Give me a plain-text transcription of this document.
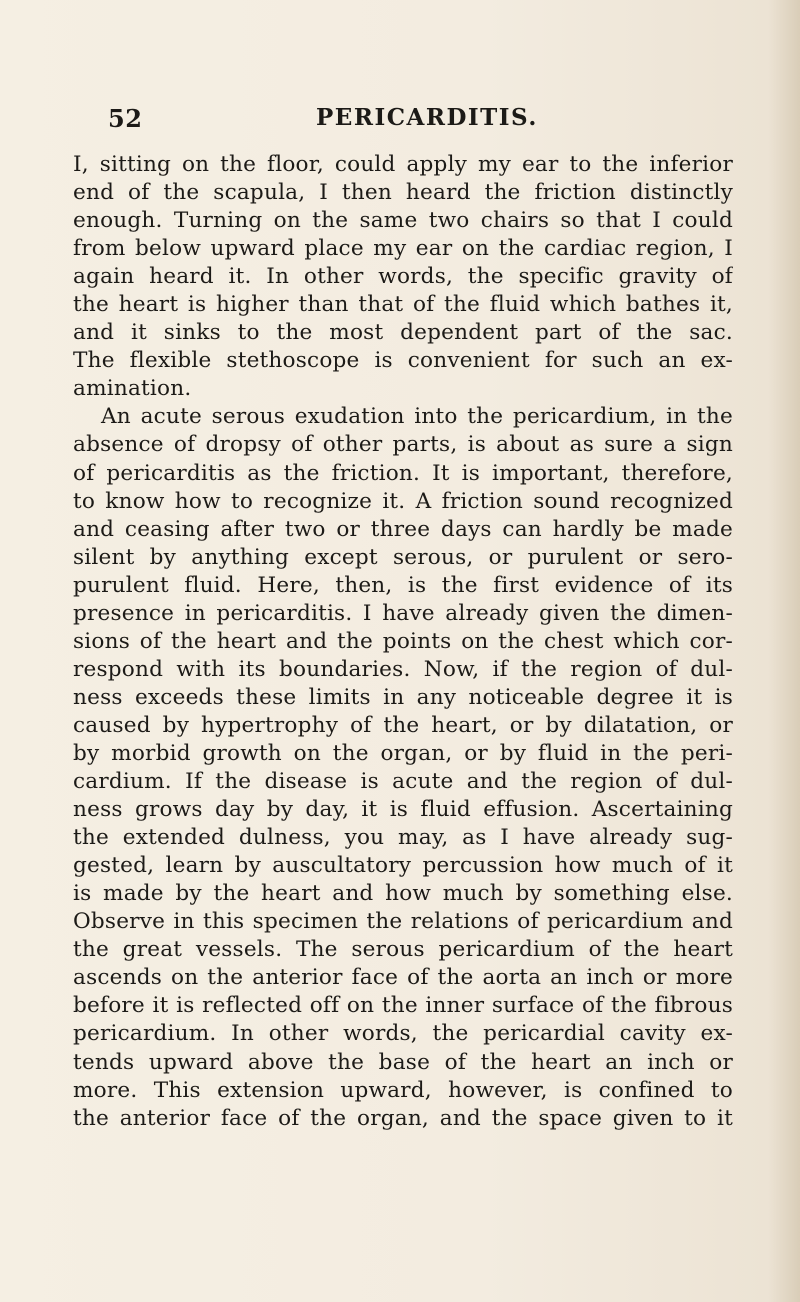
52	PERICARDITIS.
I, sitting on the floor, could apply my ear to the inferior
end of the scapula, I then heard the friction distinctly
enough. Turning on the same two chairs so that I could
from below upward place my ear on the cardiac region, I
again heard it. In other words, the specific gravity of
the heart is higher than that of the fluid which bathes it,
and it sinks to the most dependent part of the sac.
The flexible stethoscope is convenient for such an ex-
amination.
An acute serous exudation into the pericardium, in the
absence of dropsy of other parts, is about as sure a sign
of pericarditis as the friction. It is important, therefore,
to know how to recognize it. A friction sound recognized
and ceasing after two or three days can hardly be made
silent by anything except serous, or purulent or sero-
purulent fluid. Here, then, is the first evidence of its
presence in pericarditis. I have already given the dimen-
sions of the heart and the points on the chest which cor-
respond with its boundaries. Now, if the region of dul-
ness exceeds these limits in any noticeable degree it is
caused by hypertrophy of the heart, or by dilatation, or
by morbid growth on the organ, or by fluid in the peri-
cardium. If the disease is acute and the region of dul-
ness grows day by day, it is fluid effusion. Ascertaining
the extended dulness, you may, as I have already sug-
gested, learn by auscultatory percussion how much of it
is made by the heart and how much by something else.
Observe in this specimen the relations of pericardium and
the great vessels. The serous pericardium of the heart
ascends on the anterior face of the aorta an inch or more
before it is reflected off on the inner surface of the fibrous
pericardium. In other words, the pericardial cavity ex-
tends upward above the base of the heart an inch or
more. This extension upward, however, is confined to
the anterior face of the organ, and the space given to it
